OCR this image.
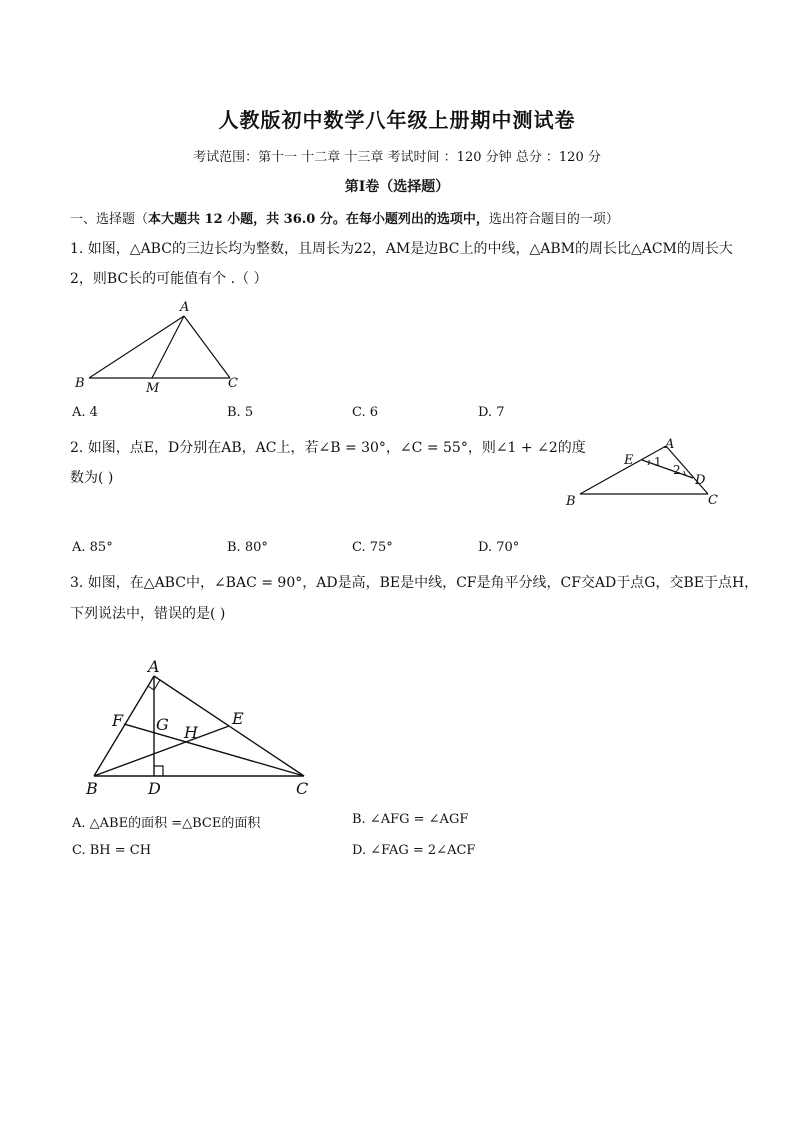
人教版初中数学八年级上册期中测试卷
考试范围：第十一 十二章 十三章 考试时间 ：120 分钟 总分 ：120 分
第Ⅰ卷（选择题）
一、选择题（本大题共 12 小题，共 36.0 分。在每小题列出的选项中，选出符合题目的一项）
1. 如图，△ABC的三边长均为整数，且周长为22，AM是边BC上的中线，△ABM的周长比△ACM的周长大
2，则BC长的可能值有个 .（ ）
A
B	M	C
A. 4	B. 5	C. 6	D. 7
2. 如图，点E，D分别在AB，AC上，若∠B = 30°，∠C = 55°，则∠1 + ∠2的度
数为( )
A
E
D
B	C
1
2
A. 85°	B. 80°	C. 75°	D. 70°
3. 如图，在△ABC中，∠BAC = 90°，AD是高，BE是中线，CF是角平分线，CF交AD于点G，交BE于点H，
下列说法中，错误的是( )
A
F G H
E
B	D	C
A. △ABE的面积 =△BCE的面积	B. ∠AFG = ∠AGF
C. BH = CH	D. ∠FAG = 2∠ACF
